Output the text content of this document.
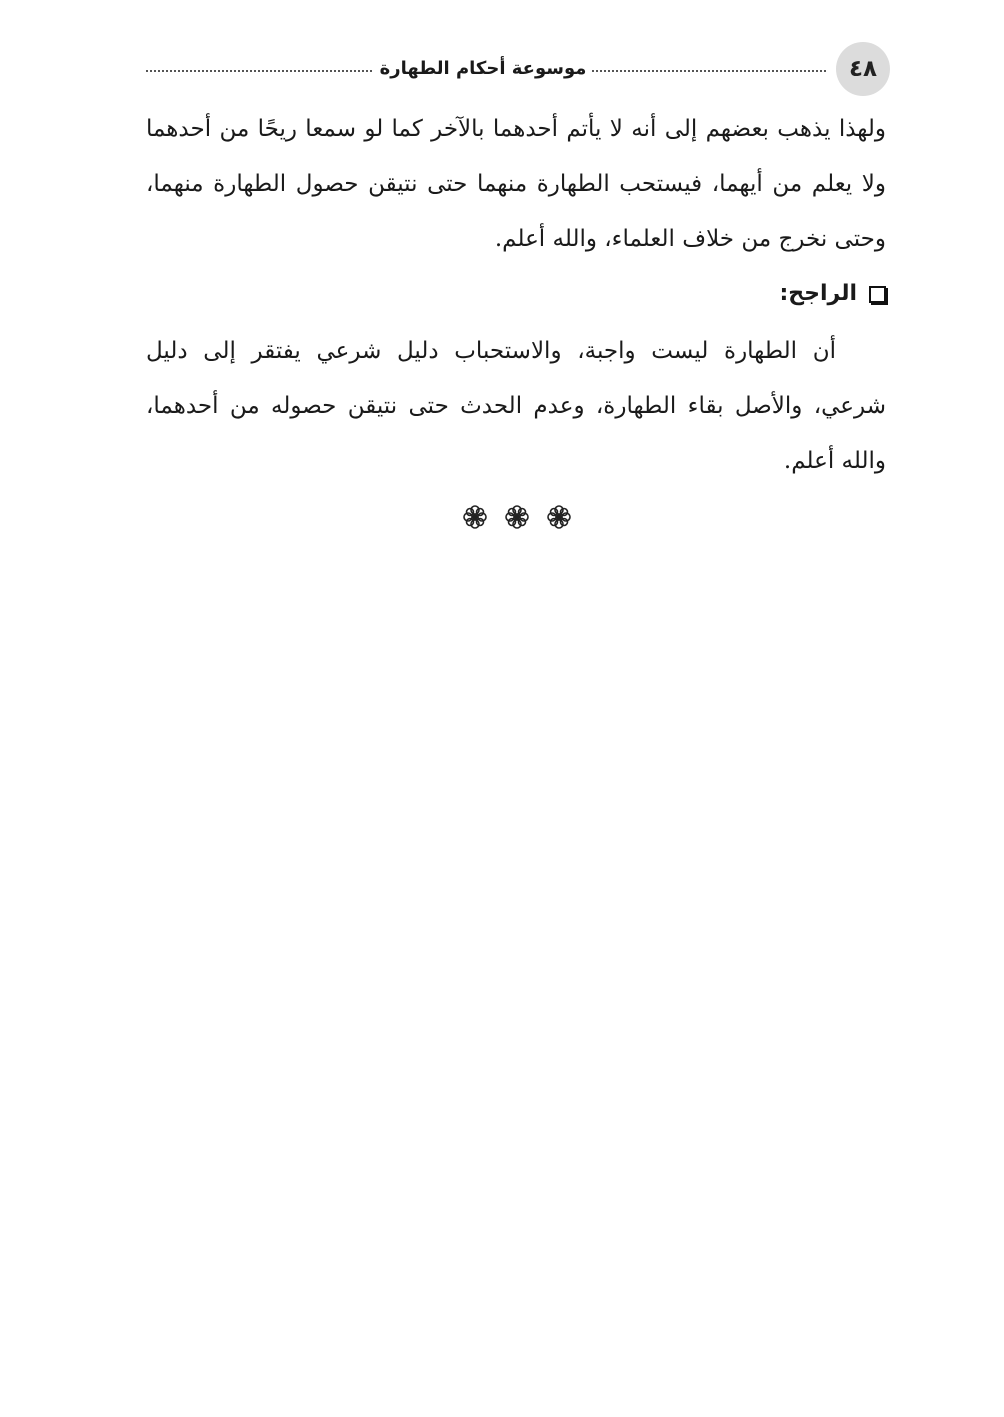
٤٨
موسوعة أحكام الطهارة

ولهذا يذهب بعضهم إلى أنه لا يأتم أحدهما بالآخر كما لو سمعا ريحًا من أحدهما ولا يعلم من أيهما، فيستحب الطهارة منهما حتى نتيقن حصول الطهارة منهما، وحتى نخرج من خلاف العلماء، والله أعلم.

الراجح:

أن الطهارة ليست واجبة، والاستحباب دليل شرعي يفتقر إلى دليل شرعي، والأصل بقاء الطهارة، وعدم الحدث حتى نتيقن حصوله من أحدهما، والله أعلم.
